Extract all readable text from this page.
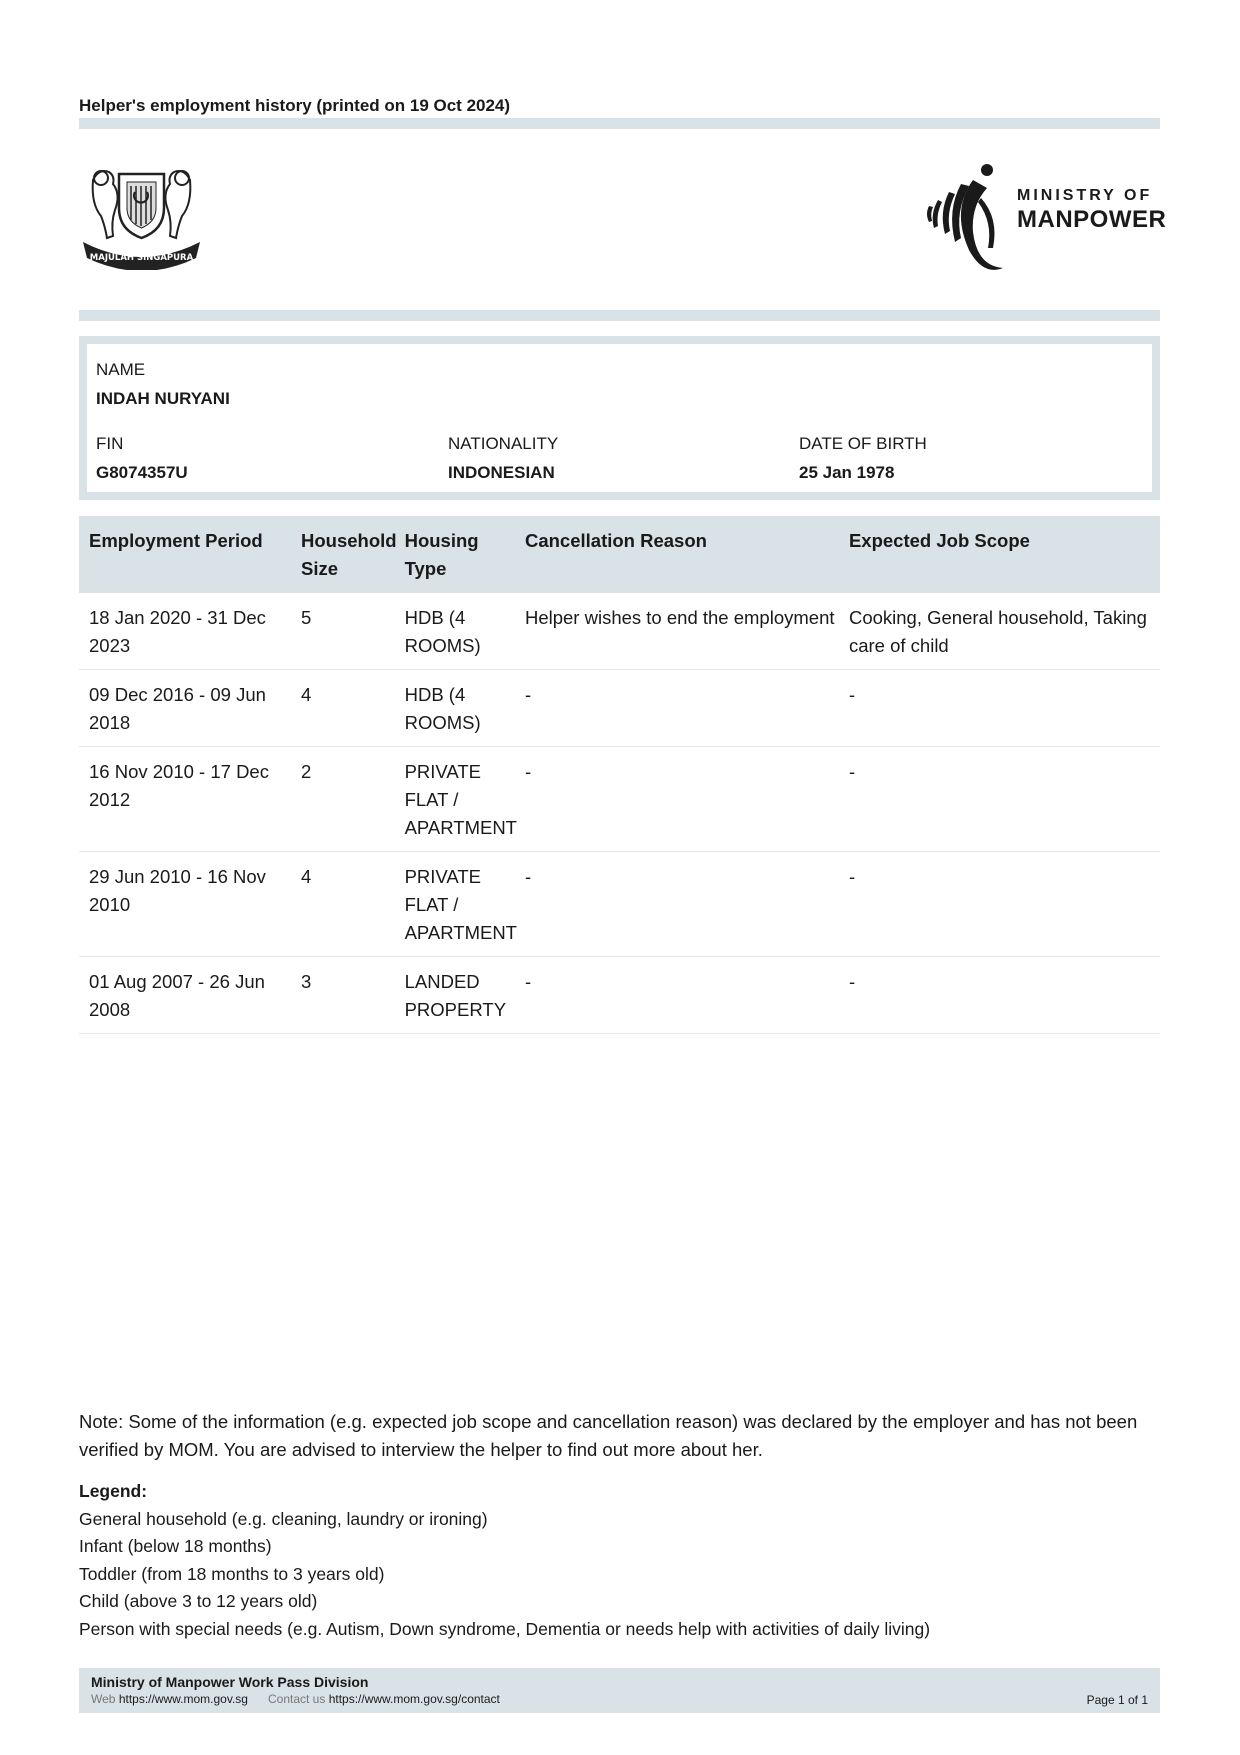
Helper's employment history (printed on 19 Oct 2024)
MAJULAH SINGAPURA
MINISTRY OF
MANPOWER
NAME
INDAH NURYANI
FIN
G8074357U
NATIONALITY
INDONESIAN
DATE OF BIRTH
25 Jan 1978
Employment Period	Household Size	Housing Type	Cancellation Reason	Expected Job Scope
18 Jan 2020 - 31 Dec 2023	5	HDB (4 ROOMS)	Helper wishes to end the employment	Cooking, General household, Taking care of child
09 Dec 2016 - 09 Jun 2018	4	HDB (4 ROOMS)	-	-
16 Nov 2010 - 17 Dec 2012	2	PRIVATE FLAT / APARTMENT	-	-
29 Jun 2010 - 16 Nov 2010	4	PRIVATE FLAT / APARTMENT	-	-
01 Aug 2007 - 26 Jun 2008	3	LANDED PROPERTY	-	-
Note: Some of the information (e.g. expected job scope and cancellation reason) was declared by the employer and has not been verified by MOM. You are advised to interview the helper to find out more about her.
Legend:
General household (e.g. cleaning, laundry or ironing)
Infant (below 18 months)
Toddler (from 18 months to 3 years old)
Child (above 3 to 12 years old)
Person with special needs (e.g. Autism, Down syndrome, Dementia or needs help with activities of daily living)
Ministry of Manpower Work Pass Division
Web https://www.mom.gov.sg Contact us https://www.mom.gov.sg/contact	Page 1 of 1
